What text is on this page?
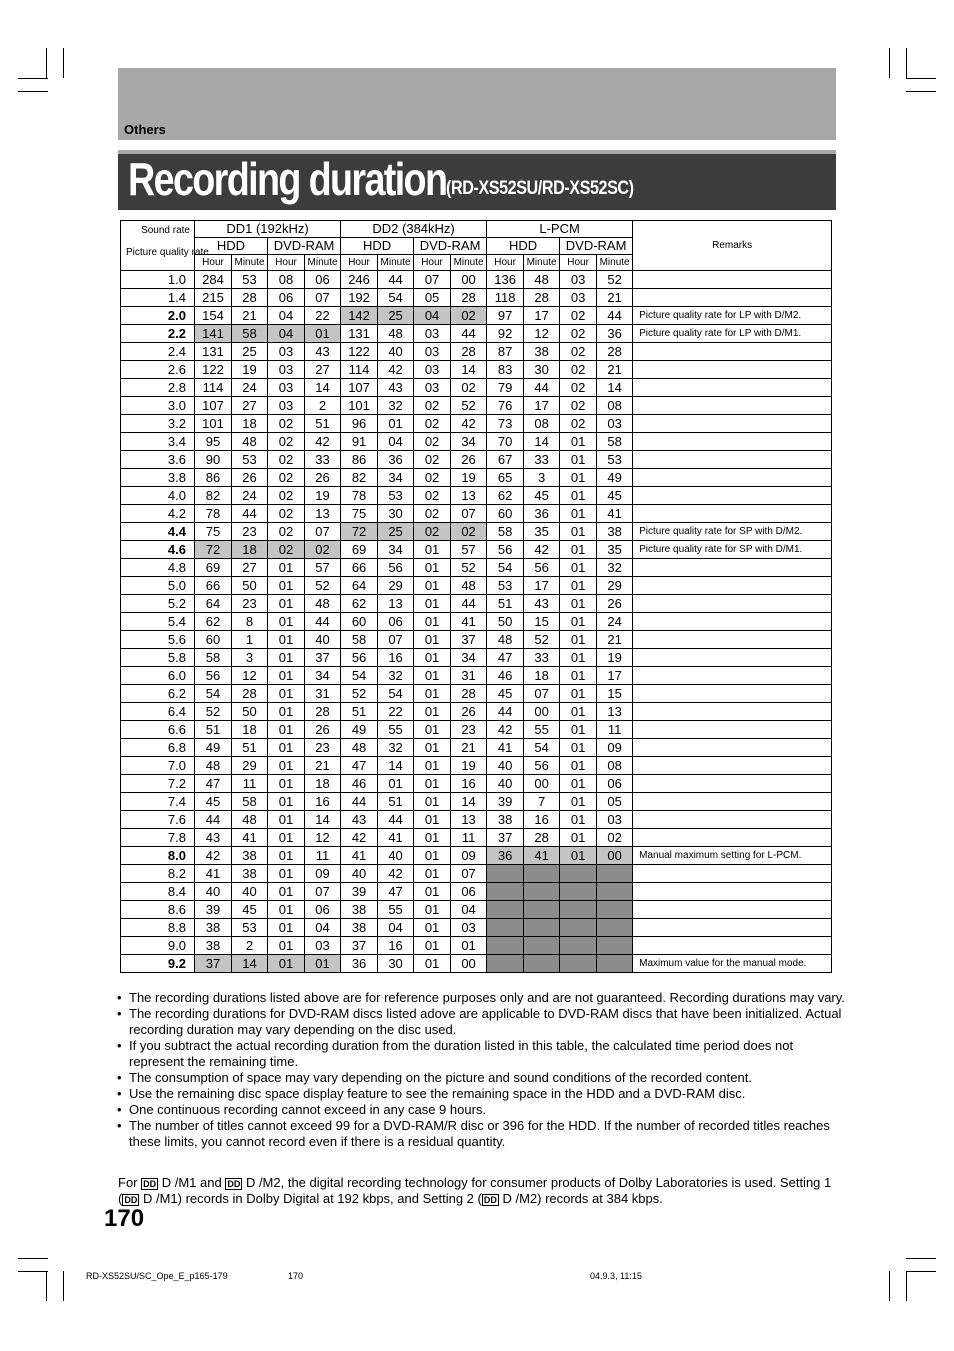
Others
Recording duration (RD-XS52SU/RD-XS52SC)
Sound rate
Picture quality rate	DD1 (192kHz)				DD2 (384kHz)				L-PCM				Remarks
	HDD		DVD-RAM		HDD		DVD-RAM		HDD		DVD-RAM		
	Hour	Minute	Hour	Minute	Hour	Minute	Hour	Minute	Hour	Minute	Hour	Minute	
1.0	284	53	08	06	246	44	07	00	136	48	03	52	
1.4	215	28	06	07	192	54	05	28	118	28	03	21	
2.0	154	21	04	22	142	25	04	02	97	17	02	44	Picture quality rate for LP with D/M2.
2.2	141	58	04	01	131	48	03	44	92	12	02	36	Picture quality rate for LP with D/M1.
2.4	131	25	03	43	122	40	03	28	87	38	02	28	
2.6	122	19	03	27	114	42	03	14	83	30	02	21	
2.8	114	24	03	14	107	43	03	02	79	44	02	14	
3.0	107	27	03	2	101	32	02	52	76	17	02	08	
3.2	101	18	02	51	96	01	02	42	73	08	02	03	
3.4	95	48	02	42	91	04	02	34	70	14	01	58	
3.6	90	53	02	33	86	36	02	26	67	33	01	53	
3.8	86	26	02	26	82	34	02	19	65	3	01	49	
4.0	82	24	02	19	78	53	02	13	62	45	01	45	
4.2	78	44	02	13	75	30	02	07	60	36	01	41	
4.4	75	23	02	07	72	25	02	02	58	35	01	38	Picture quality rate for SP with D/M2.
4.6	72	18	02	02	69	34	01	57	56	42	01	35	Picture quality rate for SP with D/M1.
4.8	69	27	01	57	66	56	01	52	54	56	01	32	
5.0	66	50	01	52	64	29	01	48	53	17	01	29	
5.2	64	23	01	48	62	13	01	44	51	43	01	26	
5.4	62	8	01	44	60	06	01	41	50	15	01	24	
5.6	60	1	01	40	58	07	01	37	48	52	01	21	
5.8	58	3	01	37	56	16	01	34	47	33	01	19	
6.0	56	12	01	34	54	32	01	31	46	18	01	17	
6.2	54	28	01	31	52	54	01	28	45	07	01	15	
6.4	52	50	01	28	51	22	01	26	44	00	01	13	
6.6	51	18	01	26	49	55	01	23	42	55	01	11	
6.8	49	51	01	23	48	32	01	21	41	54	01	09	
7.0	48	29	01	21	47	14	01	19	40	56	01	08	
7.2	47	11	01	18	46	01	01	16	40	00	01	06	
7.4	45	58	01	16	44	51	01	14	39	7	01	05	
7.6	44	48	01	14	43	44	01	13	38	16	01	03	
7.8	43	41	01	12	42	41	01	11	37	28	01	02	
8.0	42	38	01	11	41	40	01	09	36	41	01	00	Manual maximum setting for L-PCM.
8.2	41	38	01	09	40	42	01	07					
8.4	40	40	01	07	39	47	01	06					
8.6	39	45	01	06	38	55	01	04					
8.8	38	53	01	04	38	04	01	03					
9.0	38	2	01	03	37	16	01	01					
9.2	37	14	01	01	36	30	01	00					Maximum value for the manual mode.
• The recording durations listed above are for reference purposes only and are not guaranteed. Recording durations may vary.
• The recording durations for DVD-RAM discs listed adove are applicable to DVD-RAM discs that have been initialized. Actual recording duration may vary depending on the disc used.
• If you subtract the actual recording duration from the duration listed in this table, the calculated time period does not represent the remaining time.
• The consumption of space may vary depending on the picture and sound conditions of the recorded content.
• Use the remaining disc space display feature to see the remaining space in the HDD and a DVD-RAM disc.
• One continuous recording cannot exceed in any case 9 hours.
• The number of titles cannot exceed 99 for a DVD-RAM/R disc or 396 for the HDD. If the number of recorded titles reaches these limits, you cannot record even if there is a residual quantity.
For DD D /M1 and DD D /M2, the digital recording technology for consumer products of Dolby Laboratories is used. Setting 1 ( DD D /M1) records in Dolby Digital at 192 kbps, and Setting 2 ( DD D /M2) records at 384 kbps.
170
RD-XS52SU/SC_Ope_E_p165-179	170	04.9.3, 11:15
